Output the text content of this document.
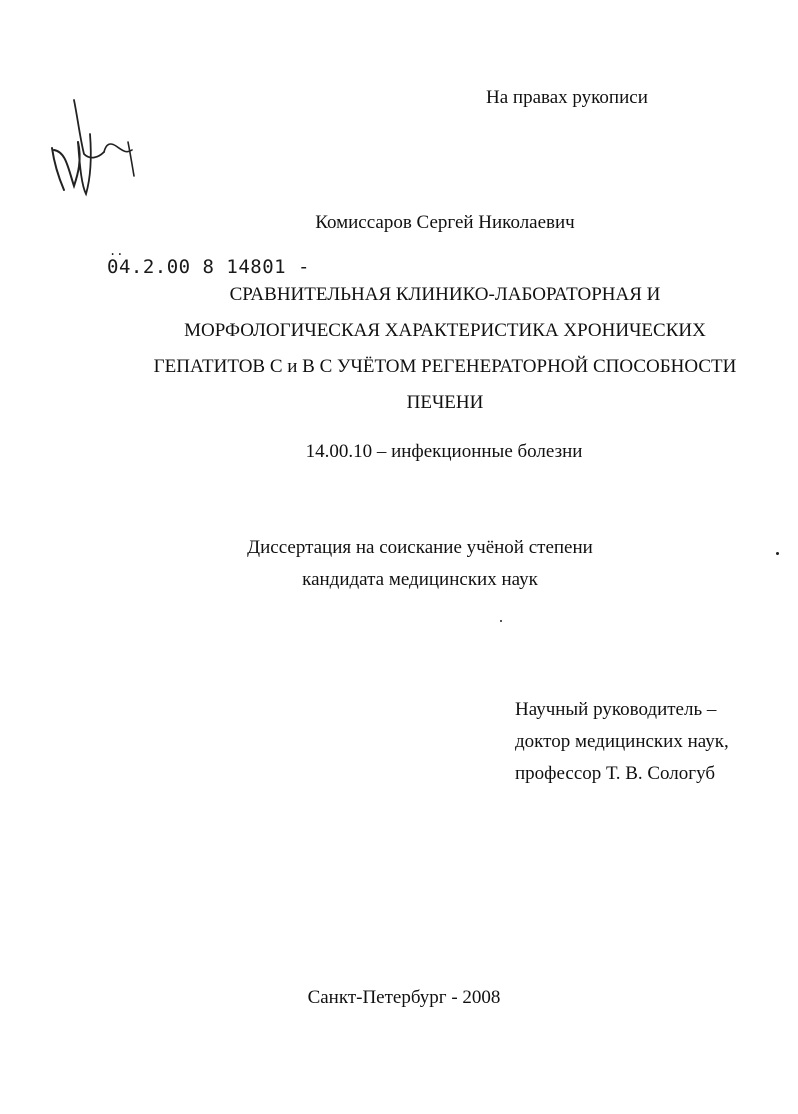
На правах рукописи
Комиссаров Сергей Николаевич
..
04.2.00 8 14801 -
СРАВНИТЕЛЬНАЯ КЛИНИКО-ЛАБОРАТОРНАЯ И
МОРФОЛОГИЧЕСКАЯ ХАРАКТЕРИСТИКА ХРОНИЧЕСКИХ
ГЕПАТИТОВ С и В С УЧЁТОМ РЕГЕНЕРАТОРНОЙ СПОСОБНОСТИ
ПЕЧЕНИ
14.00.10 – инфекционные болезни
Диссертация на соискание учёной степени
кандидата медицинских наук
Научный руководитель –
доктор медицинских наук,
профессор Т. В. Сологуб
Санкт-Петербург - 2008
